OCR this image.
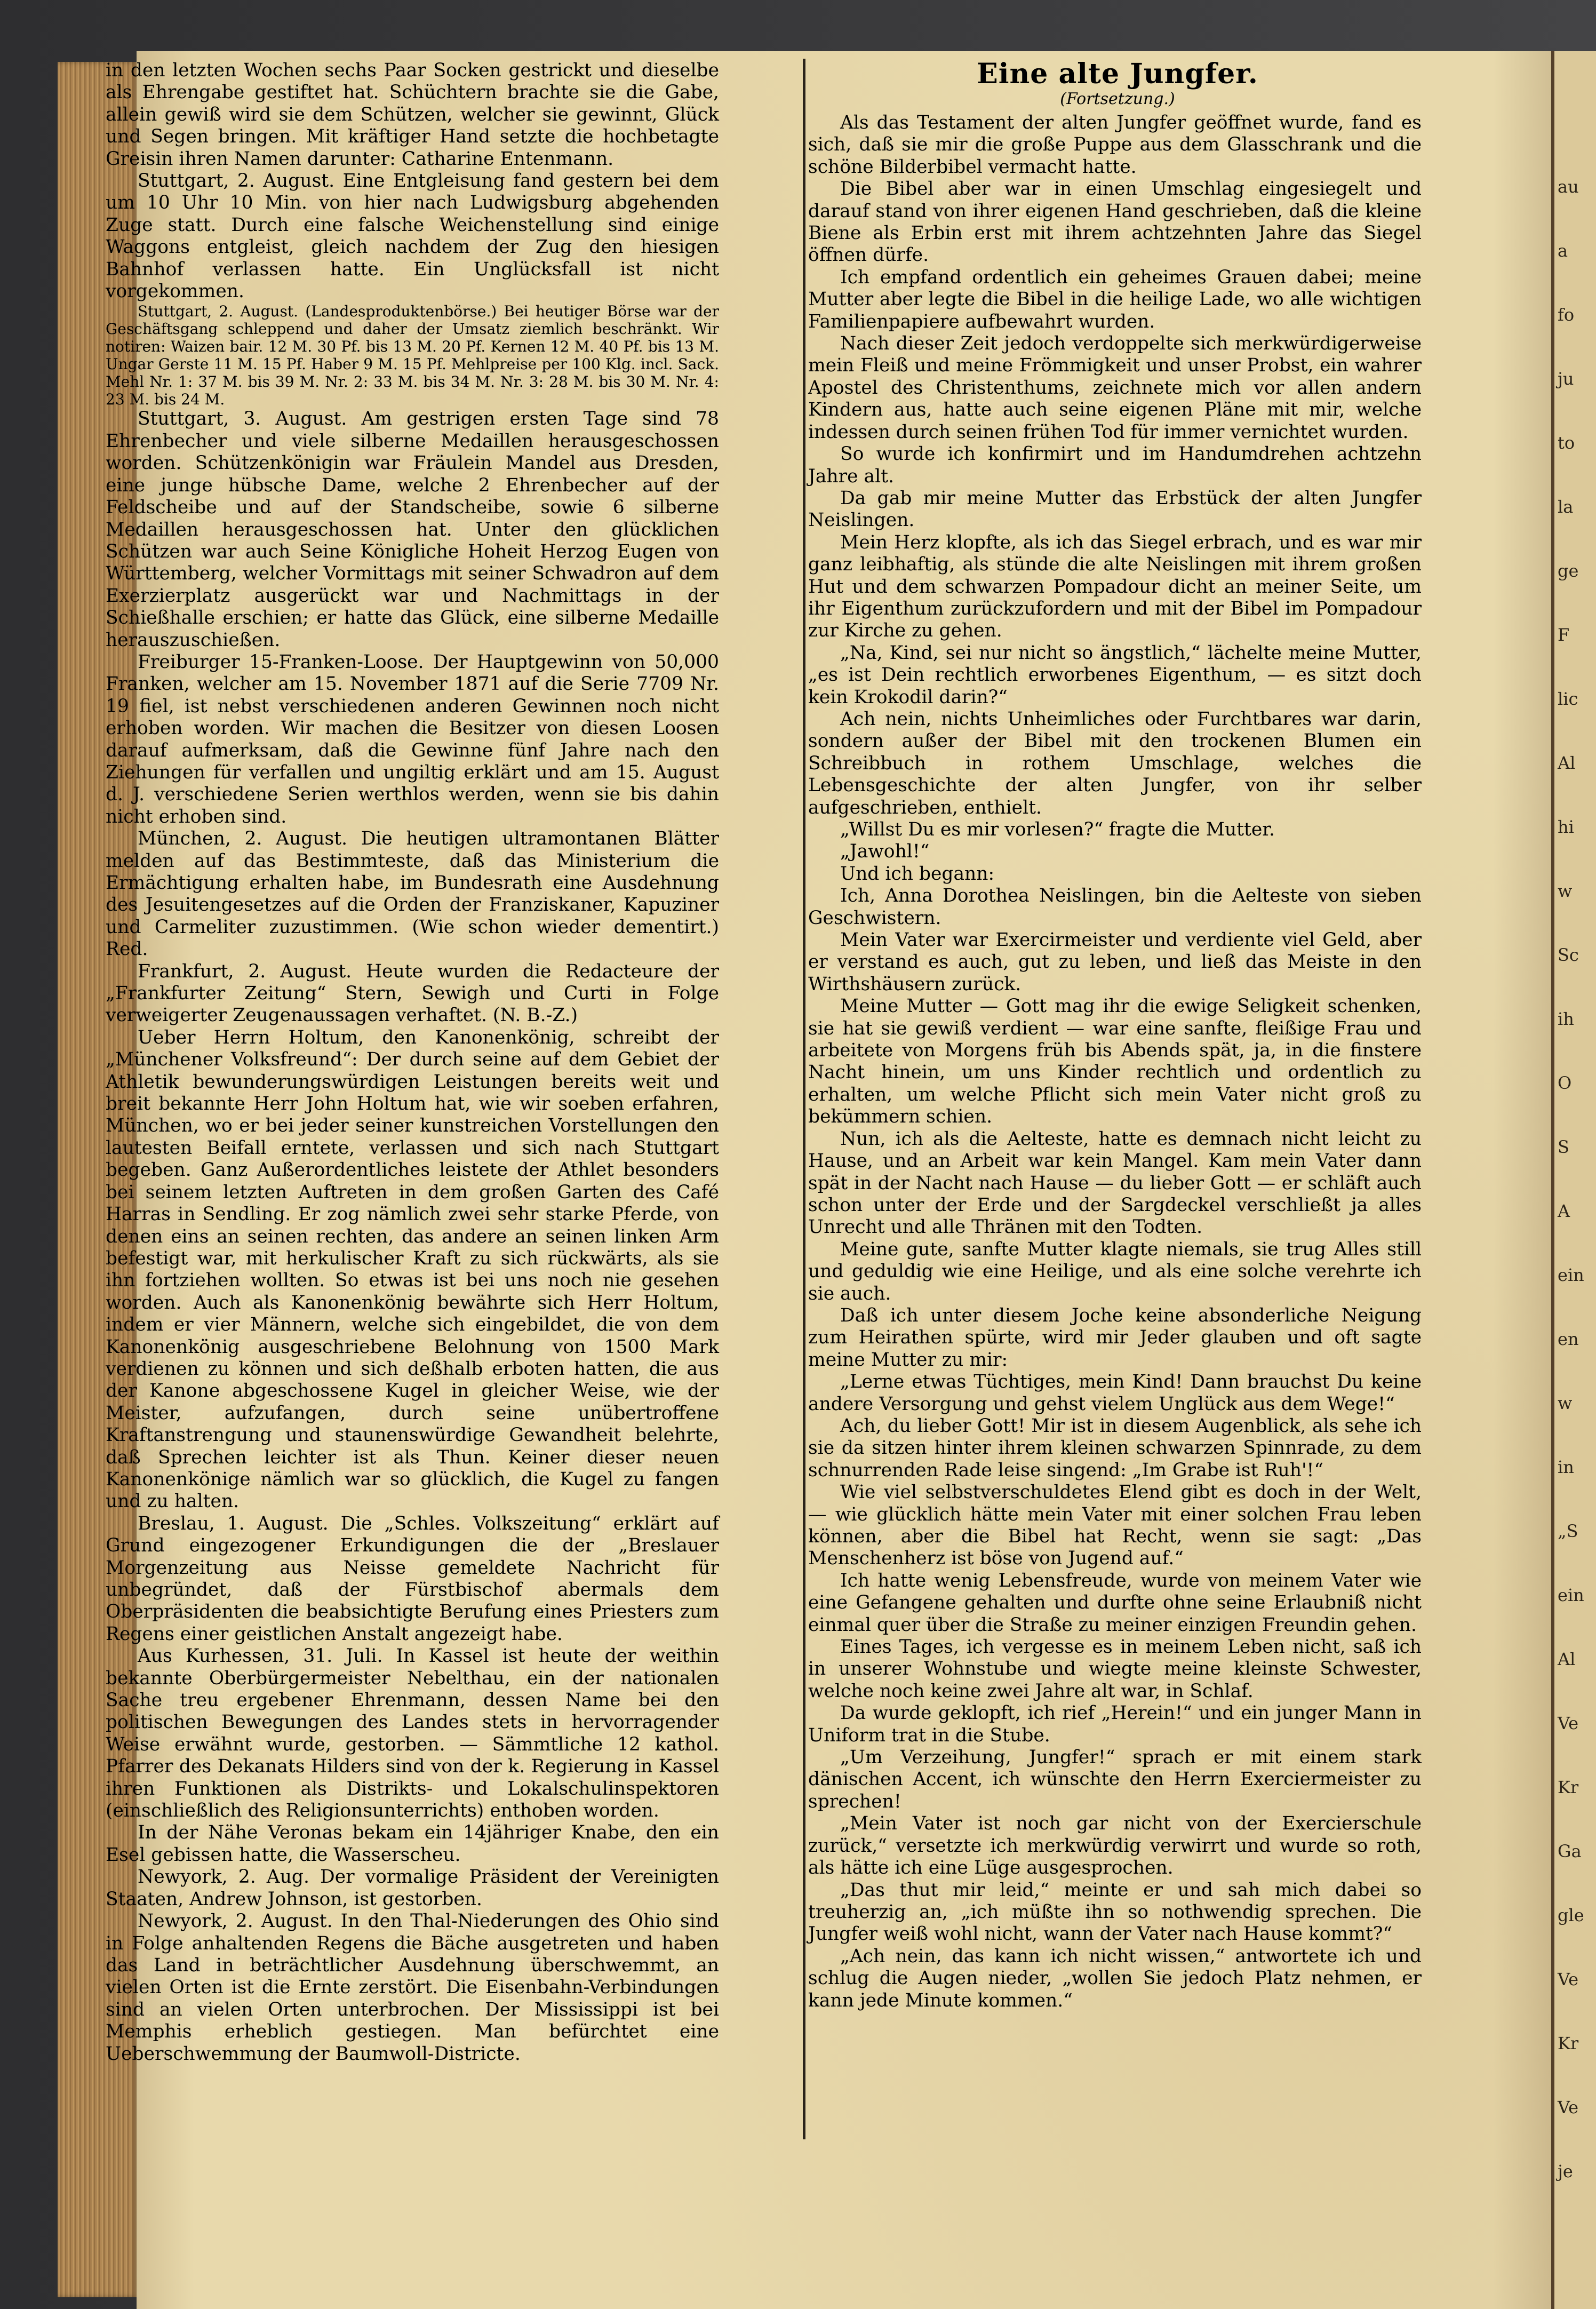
au
a
fo
ju
to
la
ge
F
lic
Al
hi
w
Sc
ih
O
S
A
ein
en
w
in
„S
ein
Al
Ve
Kr
Ga
gle
Ve
Kr
Ve
je

in den letzten Wochen sechs Paar Socken gestrickt und dieselbe als Ehrengabe gestiftet hat. Schüchtern brachte sie die Gabe, allein gewiß wird sie dem Schützen, welcher sie gewinnt, Glück und Segen bringen. Mit kräftiger Hand setzte die hochbetagte Greisin ihren Namen darunter: Catharine Entenmann.

Stuttgart, 2. August. Eine Entgleisung fand gestern bei dem um 10 Uhr 10 Min. von hier nach Ludwigsburg abgehenden Zuge statt. Durch eine falsche Weichenstellung sind einige Waggons entgleist, gleich nachdem der Zug den hiesigen Bahnhof verlassen hatte. Ein Unglücksfall ist nicht vorgekommen.

Stuttgart, 2. August. (Landesproduktenbörse.) Bei heutiger Börse war der Geschäftsgang schleppend und daher der Umsatz ziemlich beschränkt. Wir notiren: Waizen bair. 12 M. 30 Pf. bis 13 M. 20 Pf. Kernen 12 M. 40 Pf. bis 13 M. Ungar Gerste 11 M. 15 Pf. Haber 9 M. 15 Pf. Mehlpreise per 100 Klg. incl. Sack. Mehl Nr. 1: 37 M. bis 39 M. Nr. 2: 33 M. bis 34 M. Nr. 3: 28 M. bis 30 M. Nr. 4: 23 M. bis 24 M.

Stuttgart, 3. August. Am gestrigen ersten Tage sind 78 Ehrenbecher und viele silberne Medaillen herausgeschossen worden. Schützenkönigin war Fräulein Mandel aus Dresden, eine junge hübsche Dame, welche 2 Ehrenbecher auf der Feldscheibe und auf der Standscheibe, sowie 6 silberne Medaillen herausgeschossen hat. Unter den glücklichen Schützen war auch Seine Königliche Hoheit Herzog Eugen von Württemberg, welcher Vormittags mit seiner Schwadron auf dem Exerzierplatz ausgerückt war und Nachmittags in der Schießhalle erschien; er hatte das Glück, eine silberne Medaille herauszuschießen.

Freiburger 15-Franken-Loose. Der Hauptgewinn von 50,000 Franken, welcher am 15. November 1871 auf die Serie 7709 Nr. 19 fiel, ist nebst verschiedenen anderen Gewinnen noch nicht erhoben worden. Wir machen die Besitzer von diesen Loosen darauf aufmerksam, daß die Gewinne fünf Jahre nach den Ziehungen für verfallen und ungiltig erklärt und am 15. August d. J. verschiedene Serien werthlos werden, wenn sie bis dahin nicht erhoben sind.

München, 2. August. Die heutigen ultramontanen Blätter melden auf das Bestimmteste, daß das Ministerium die Ermächtigung erhalten habe, im Bundesrath eine Ausdehnung des Jesuitengesetzes auf die Orden der Franziskaner, Kapuziner und Carmeliter zuzustimmen. (Wie schon wieder dementirt.) Red.

Frankfurt, 2. August. Heute wurden die Redacteure der „Frankfurter Zeitung“ Stern, Sewigh und Curti in Folge verweigerter Zeugenaussagen verhaftet. (N. B.-Z.)

Ueber Herrn Holtum, den Kanonenkönig, schreibt der „Münchener Volksfreund“: Der durch seine auf dem Gebiet der Athletik bewunderungswürdigen Leistungen bereits weit und breit bekannte Herr John Holtum hat, wie wir soeben erfahren, München, wo er bei jeder seiner kunstreichen Vorstellungen den lautesten Beifall erntete, verlassen und sich nach Stuttgart begeben. Ganz Außerordentliches leistete der Athlet besonders bei seinem letzten Auftreten in dem großen Garten des Café Harras in Sendling. Er zog nämlich zwei sehr starke Pferde, von denen eins an seinen rechten, das andere an seinen linken Arm befestigt war, mit herkulischer Kraft zu sich rückwärts, als sie ihn fortziehen wollten. So etwas ist bei uns noch nie gesehen worden. Auch als Kanonenkönig bewährte sich Herr Holtum, indem er vier Männern, welche sich eingebildet, die von dem Kanonenkönig ausgeschriebene Belohnung von 1500 Mark verdienen zu können und sich deßhalb erboten hatten, die aus der Kanone abgeschossene Kugel in gleicher Weise, wie der Meister, aufzufangen, durch seine unübertroffene Kraftanstrengung und staunenswürdige Gewandheit belehrte, daß Sprechen leichter ist als Thun. Keiner dieser neuen Kanonenkönige nämlich war so glücklich, die Kugel zu fangen und zu halten.

Breslau, 1. August. Die „Schles. Volkszeitung“ erklärt auf Grund eingezogener Erkundigungen die der „Breslauer Morgenzeitung aus Neisse gemeldete Nachricht für unbegründet, daß der Fürstbischof abermals dem Oberpräsidenten die beabsichtigte Berufung eines Priesters zum Regens einer geistlichen Anstalt angezeigt habe.

Aus Kurhessen, 31. Juli. In Kassel ist heute der weithin bekannte Oberbürgermeister Nebelthau, ein der nationalen Sache treu ergebener Ehrenmann, dessen Name bei den politischen Bewegungen des Landes stets in hervorragender Weise erwähnt wurde, gestorben. — Sämmtliche 12 kathol. Pfarrer des Dekanats Hilders sind von der k. Regierung in Kassel ihren Funktionen als Distrikts- und Lokalschulinspektoren (einschließlich des Religionsunterrichts) enthoben worden.

In der Nähe Veronas bekam ein 14jähriger Knabe, den ein Esel gebissen hatte, die Wasserscheu.

Newyork, 2. Aug. Der vormalige Präsident der Vereinigten Staaten, Andrew Johnson, ist gestorben.

Newyork, 2. August. In den Thal-Niederungen des Ohio sind in Folge anhaltenden Regens die Bäche ausgetreten und haben das Land in beträchtlicher Ausdehnung überschwemmt, an vielen Orten ist die Ernte zerstört. Die Eisenbahn-Verbindungen sind an vielen Orten unterbrochen. Der Mississippi ist bei Memphis erheblich gestiegen. Man befürchtet eine Ueberschwemmung der Baumwoll-Districte.

Eine alte Jungfer.
(Fortsetzung.)

Als das Testament der alten Jungfer geöffnet wurde, fand es sich, daß sie mir die große Puppe aus dem Glasschrank und die schöne Bilderbibel vermacht hatte.

Die Bibel aber war in einen Umschlag eingesiegelt und darauf stand von ihrer eigenen Hand geschrieben, daß die kleine Biene als Erbin erst mit ihrem achtzehnten Jahre das Siegel öffnen dürfe.

Ich empfand ordentlich ein geheimes Grauen dabei; meine Mutter aber legte die Bibel in die heilige Lade, wo alle wichtigen Familienpapiere aufbewahrt wurden.

Nach dieser Zeit jedoch verdoppelte sich merkwürdigerweise mein Fleiß und meine Frömmigkeit und unser Probst, ein wahrer Apostel des Christenthums, zeichnete mich vor allen andern Kindern aus, hatte auch seine eigenen Pläne mit mir, welche indessen durch seinen frühen Tod für immer vernichtet wurden.

So wurde ich konfirmirt und im Handumdrehen achtzehn Jahre alt.

Da gab mir meine Mutter das Erbstück der alten Jungfer Neislingen.

Mein Herz klopfte, als ich das Siegel erbrach, und es war mir ganz leibhaftig, als stünde die alte Neislingen mit ihrem großen Hut und dem schwarzen Pompadour dicht an meiner Seite, um ihr Eigenthum zurückzufordern und mit der Bibel im Pompadour zur Kirche zu gehen.

„Na, Kind, sei nur nicht so ängstlich,“ lächelte meine Mutter, „es ist Dein rechtlich erworbenes Eigenthum, — es sitzt doch kein Krokodil darin?“

Ach nein, nichts Unheimliches oder Furchtbares war darin, sondern außer der Bibel mit den trockenen Blumen ein Schreibbuch in rothem Umschlage, welches die Lebensgeschichte der alten Jungfer, von ihr selber aufgeschrieben, enthielt.

„Willst Du es mir vorlesen?“ fragte die Mutter.

„Jawohl!“

Und ich begann:

Ich, Anna Dorothea Neislingen, bin die Aelteste von sieben Geschwistern.

Mein Vater war Exercirmeister und verdiente viel Geld, aber er verstand es auch, gut zu leben, und ließ das Meiste in den Wirthshäusern zurück.

Meine Mutter — Gott mag ihr die ewige Seligkeit schenken, sie hat sie gewiß verdient — war eine sanfte, fleißige Frau und arbeitete von Morgens früh bis Abends spät, ja, in die finstere Nacht hinein, um uns Kinder rechtlich und ordentlich zu erhalten, um welche Pflicht sich mein Vater nicht groß zu bekümmern schien.

Nun, ich als die Aelteste, hatte es demnach nicht leicht zu Hause, und an Arbeit war kein Mangel. Kam mein Vater dann spät in der Nacht nach Hause — du lieber Gott — er schläft auch schon unter der Erde und der Sargdeckel verschließt ja alles Unrecht und alle Thränen mit den Todten.

Meine gute, sanfte Mutter klagte niemals, sie trug Alles still und geduldig wie eine Heilige, und als eine solche verehrte ich sie auch.

Daß ich unter diesem Joche keine absonderliche Neigung zum Heirathen spürte, wird mir Jeder glauben und oft sagte meine Mutter zu mir:

„Lerne etwas Tüchtiges, mein Kind! Dann brauchst Du keine andere Versorgung und gehst vielem Unglück aus dem Wege!“

Ach, du lieber Gott! Mir ist in diesem Augenblick, als sehe ich sie da sitzen hinter ihrem kleinen schwarzen Spinnrade, zu dem schnurrenden Rade leise singend: „Im Grabe ist Ruh'!“

Wie viel selbstverschuldetes Elend gibt es doch in der Welt, — wie glücklich hätte mein Vater mit einer solchen Frau leben können, aber die Bibel hat Recht, wenn sie sagt: „Das Menschenherz ist böse von Jugend auf.“

Ich hatte wenig Lebensfreude, wurde von meinem Vater wie eine Gefangene gehalten und durfte ohne seine Erlaubniß nicht einmal quer über die Straße zu meiner einzigen Freundin gehen.

Eines Tages, ich vergesse es in meinem Leben nicht, saß ich in unserer Wohnstube und wiegte meine kleinste Schwester, welche noch keine zwei Jahre alt war, in Schlaf.

Da wurde geklopft, ich rief „Herein!“ und ein junger Mann in Uniform trat in die Stube.

„Um Verzeihung, Jungfer!“ sprach er mit einem stark dänischen Accent, ich wünschte den Herrn Exerciermeister zu sprechen!

„Mein Vater ist noch gar nicht von der Exercierschule zurück,“ versetzte ich merkwürdig verwirrt und wurde so roth, als hätte ich eine Lüge ausgesprochen.

„Das thut mir leid,“ meinte er und sah mich dabei so treuherzig an, „ich müßte ihn so nothwendig sprechen. Die Jungfer weiß wohl nicht, wann der Vater nach Hause kommt?“

„Ach nein, das kann ich nicht wissen,“ antwortete ich und schlug die Augen nieder, „wollen Sie jedoch Platz nehmen, er kann jede Minute kommen.“
